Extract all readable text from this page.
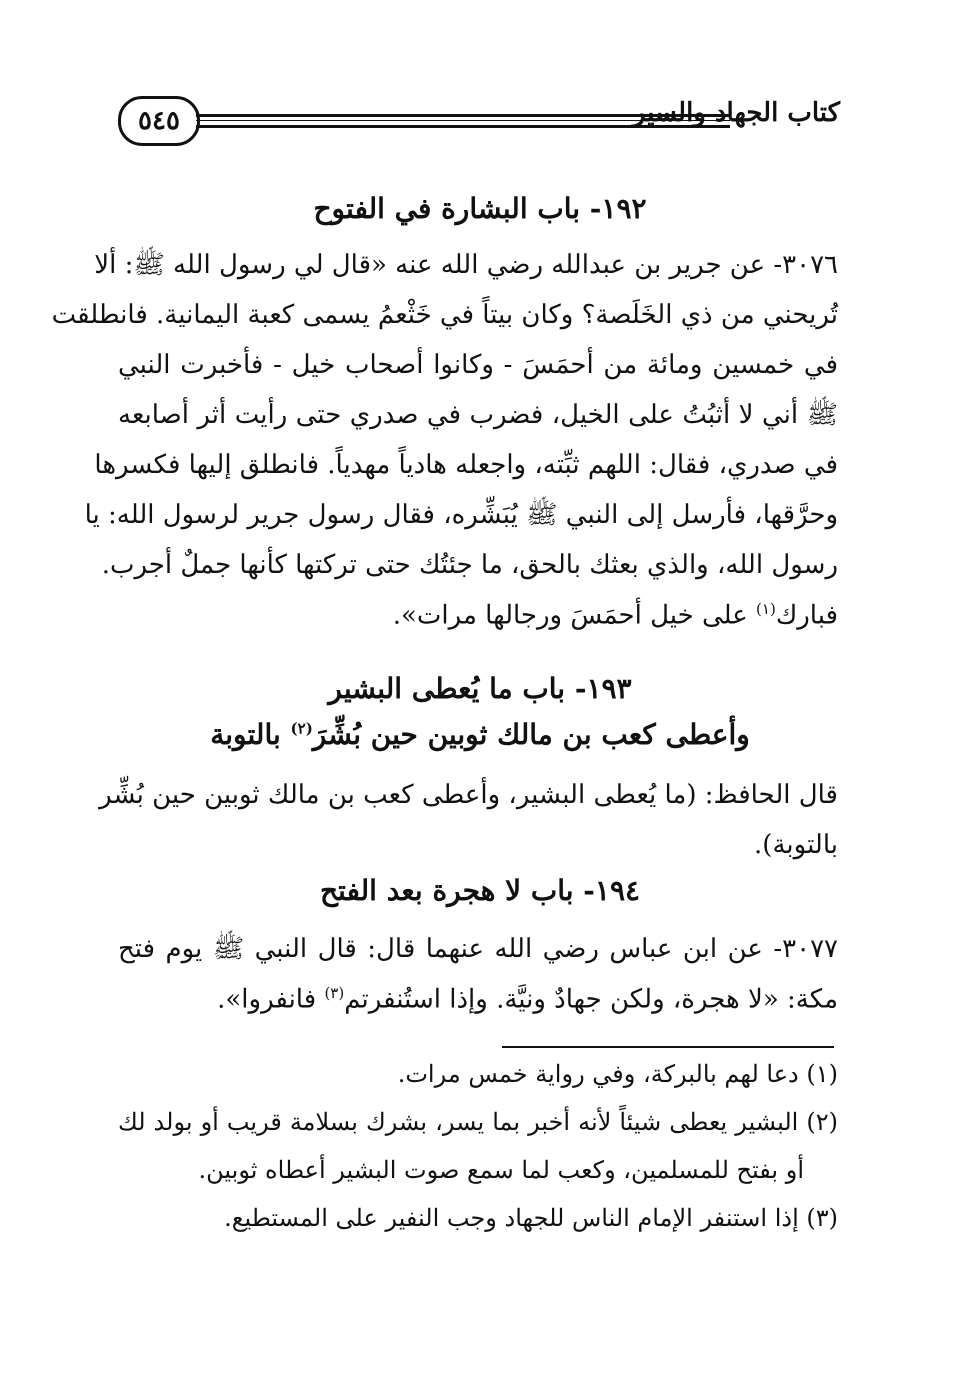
٥٤٥	كتاب الجهاد والسير
١٩٢- باب البشارة في الفتوح
٣٠٧٦- عن جرير بن عبدالله رضي الله عنه «قال لي رسول الله ﷺ: ألا
تُريحني من ذي الخَلَصة؟ وكان بيتاً في خَثْعمُ يسمى كعبة اليمانية. فانطلقت
في خمسين ومائة من أحمَسَ - وكانوا أصحاب خيل - فأخبرت النبي
ﷺ أني لا أثبُتُ على الخيل، فضرب في صدري حتى رأيت أثر أصابعه
في صدري، فقال: اللهم ثبِّته، واجعله هادياً مهدياً. فانطلق إليها فكسرها
وحرَّقها، فأرسل إلى النبي ﷺ يُبَشِّره، فقال رسول جرير لرسول الله: يا
رسول الله، والذي بعثك بالحق، ما جئتُك حتى تركتها كأنها جملٌ أجرب.
فبارك$^{(١)}$ على خيل أحمَسَ ورجالها مرات».
١٩٣- باب ما يُعطى البشير
وأعطى كعب بن مالك ثوبين حين بُشِّرَ$^{(٢)}$ بالتوبة
قال الحافظ: (ما يُعطى البشير، وأعطى كعب بن مالك ثوبين حين بُشِّر
بالتوبة).
١٩٤- باب لا هجرة بعد الفتح
٣٠٧٧- عن ابن عباس رضي الله عنهما قال: قال النبي ﷺ يوم فتح
مكة: «لا هجرة، ولكن جهادٌ ونيَّة. وإذا استُنفرتم$^{(٣)}$ فانفروا».
(١) دعا لهم بالبركة، وفي رواية خمس مرات.
(٢) البشير يعطى شيئاً لأنه أخبر بما يسر، بشرك بسلامة قريب أو بولد لك
أو بفتح للمسلمين، وكعب لما سمع صوت البشير أعطاه ثوبين.
(٣) إذا استنفر الإمام الناس للجهاد وجب النفير على المستطيع.
